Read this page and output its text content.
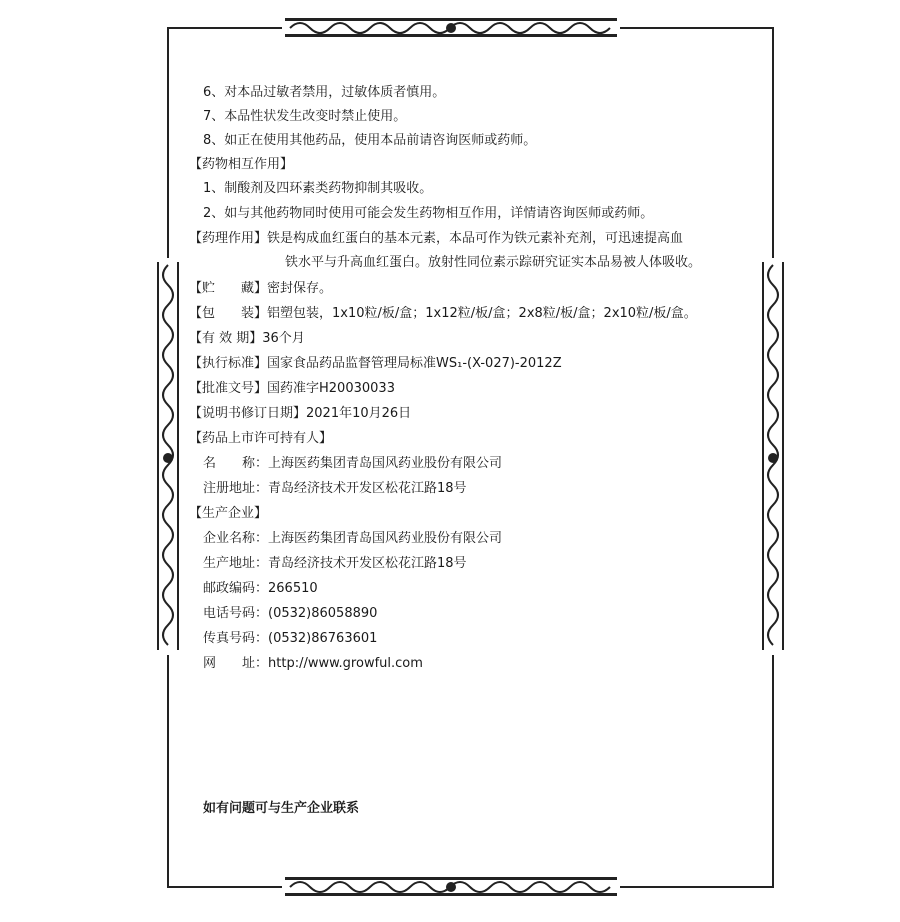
6、对本品过敏者禁用，过敏体质者慎用。
7、本品性状发生改变时禁止使用。
8、如正在使用其他药品，使用本品前请咨询医师或药师。
【药物相互作用】
1、制酸剂及四环素类药物抑制其吸收。
2、如与其他药物同时使用可能会发生药物相互作用，详情请咨询医师或药师。
【药理作用】铁是构成血红蛋白的基本元素，本品可作为铁元素补充剂，可迅速提高血
铁水平与升高血红蛋白。放射性同位素示踪研究证实本品易被人体吸收。
【贮　　藏】密封保存。
【包　　装】铝塑包装，1x10粒/板/盒；1x12粒/板/盒；2x8粒/板/盒；2x10粒/板/盒。
【有 效 期】36个月
【执行标准】国家食品药品监督管理局标准WS₁-(X-027)-2012Z
【批准文号】国药准字H20030033
【说明书修订日期】2021年10月26日
【药品上市许可持有人】
名　　称：上海医药集团青岛国风药业股份有限公司
注册地址：青岛经济技术开发区松花江路18号
【生产企业】
企业名称：上海医药集团青岛国风药业股份有限公司
生产地址：青岛经济技术开发区松花江路18号
邮政编码：266510
电话号码：(0532)86058890
传真号码：(0532)86763601
网　　址：http://www.growful.com
如有问题可与生产企业联系
